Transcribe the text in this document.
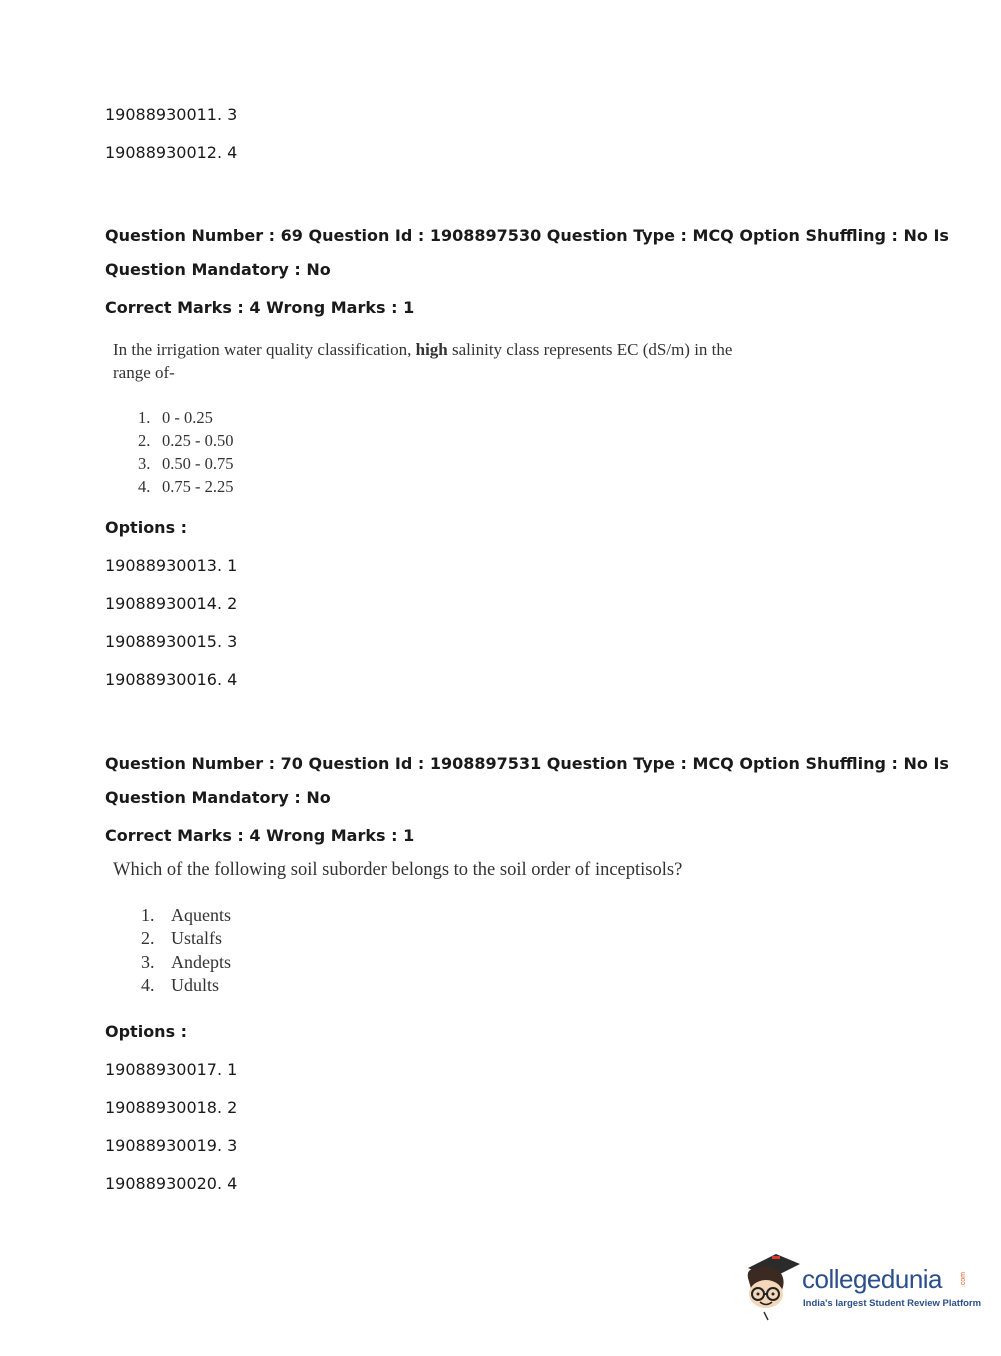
19088930011. 3
19088930012. 4
Question Number : 69 Question Id : 1908897530 Question Type : MCQ Option Shuffling : No Is
Question Mandatory : No
Correct Marks : 4 Wrong Marks : 1
In the irrigation water quality classification, high salinity class represents EC (dS/m) in the
range of-
1. 0 - 0.25
2. 0.25 - 0.50
3. 0.50 - 0.75
4. 0.75 - 2.25
Options :
19088930013. 1
19088930014. 2
19088930015. 3
19088930016. 4
Question Number : 70 Question Id : 1908897531 Question Type : MCQ Option Shuffling : No Is
Question Mandatory : No
Correct Marks : 4 Wrong Marks : 1
Which of the following soil suborder belongs to the soil order of inceptisols?
1. Aquents
2. Ustalfs
3. Andepts
4. Udults
Options :
19088930017. 1
19088930018. 2
19088930019. 3
19088930020. 4
collegedunia	.com
India's largest Student Review Platform
